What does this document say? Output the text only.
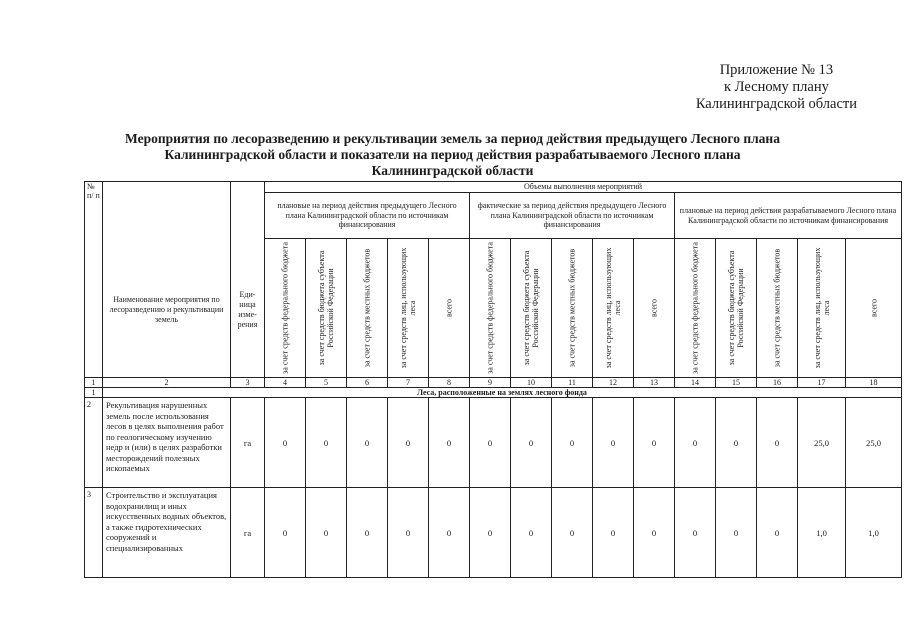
Приложение № 13
к Лесному плану
Калининградской области
Мероприятия по лесоразведению и рекультивации земель за период действия предыдущего Лесного плана
Калининградской области и показатели на период действия разрабатываемого Лесного плана
Калининградской области
№ п/ п	Наименование мероприятия по лесоразведению и рекультивации земель	Еди- ница изме- рения	Объемы выполнения мероприятий														
			плановые на период действия предыдущего Лесного плана Калининградской области по источникам финансирования					фактические за период действия предыдущего Лесного плана Калининградской области по источникам финансирования					плановые на период действия разрабатываемого Лесного плана Калининградской области по источникам финансирования				

			за счет средств федерального бюджета	за счет средств бюджета субъекта Российской Федерации	за счет средств местных бюджетов	за счет средств лиц, использующих леса	всего	за счет средств федерального бюджета	за счет средств бюджета субъекта Российской Федерации	за счет средств местных бюджетов	за счет средств лиц, использующих леса	всего	за счет средств федерального бюджета	за счет средств бюджета субъекта Российской Федерации	за счет средств местных бюджетов	за счет средств лиц, использующих леса	всего

1	2	3	4	5	6	7	8	9	10	11	12	13	14	15	16	17	18
1	Леса, расположенные на землях лесного фонда																
2	Рекультивация нарушенных земель после использования лесов в целях выполнения работ по геологическому изучению недр и (или) в целях разработки месторождений полезных ископаемых	га	0	0	0	0	0	0	0	0	0	0	0	0	0	25,0	25,0
3	Строительство и эксплуатация водохранилищ и иных искусственных водных объектов, а также гидротехнических сооружений и специализированных	га	0	0	0	0	0	0	0	0	0	0	0	0	0	1,0	1,0
